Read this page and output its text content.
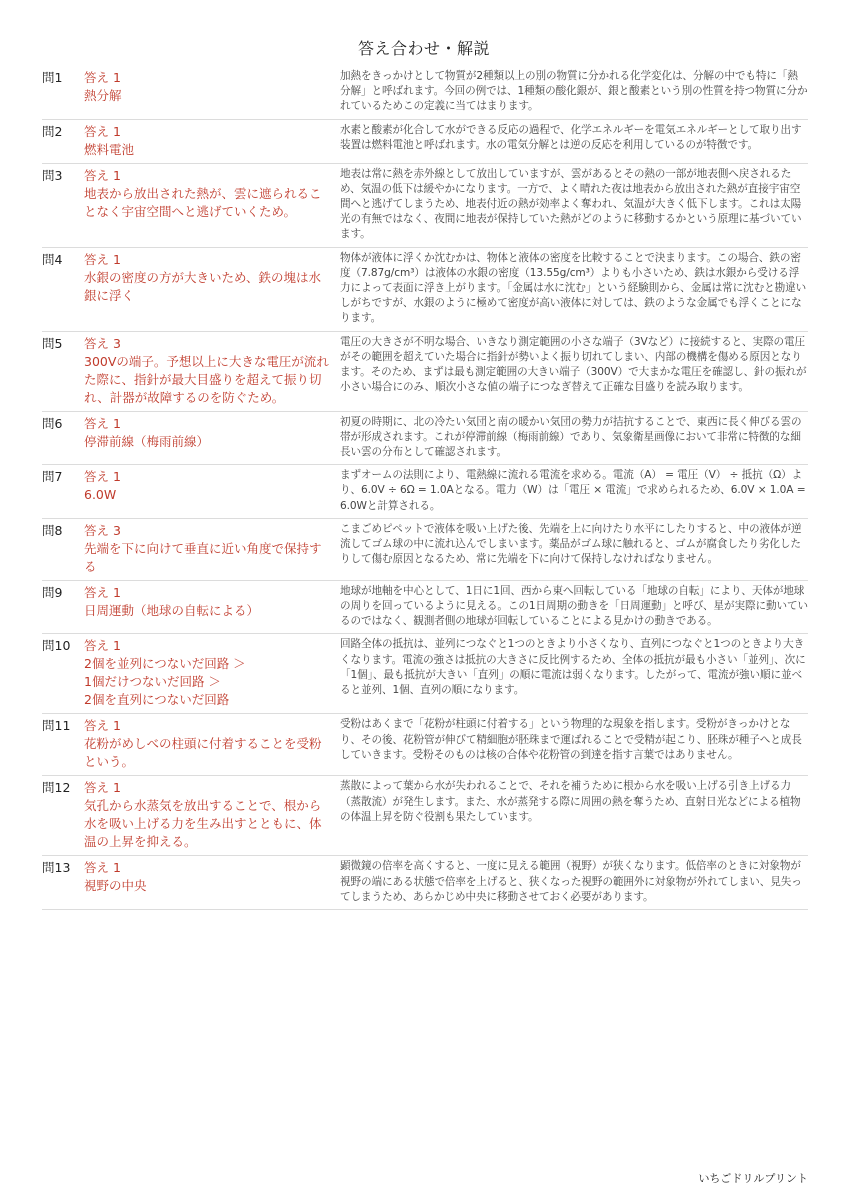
答え合わせ・解説
問1	答え 1
熱分解
加熱をきっかけとして物質が2種類以上の別の物質に分かれる化学変化は、分解の中でも特に「熱分解」と呼ばれます。今回の例では、1種類の酸化銀が、銀と酸素という別の性質を持つ物質に分かれているためこの定義に当てはまります。
問2	答え 1
燃料電池
水素と酸素が化合して水ができる反応の過程で、化学エネルギーを電気エネルギーとして取り出す装置は燃料電池と呼ばれます。水の電気分解とは逆の反応を利用しているのが特徴です。
問3	答え 1
地表から放出された熱が、雲に遮られることなく宇宙空間へと逃げていくため。
地表は常に熱を赤外線として放出していますが、雲があるとその熱の一部が地表側へ戻されるため、気温の低下は緩やかになります。一方で、よく晴れた夜は地表から放出された熱が直接宇宙空間へと逃げてしまうため、地表付近の熱が効率よく奪われ、気温が大きく低下します。これは太陽光の有無ではなく、夜間に地表が保持していた熱がどのように移動するかという原理に基づいています。
問4	答え 1
水銀の密度の方が大きいため、鉄の塊は水銀に浮く
物体が液体に浮くか沈むかは、物体と液体の密度を比較することで決まります。この場合、鉄の密度（7.87g/cm³）は液体の水銀の密度（13.55g/cm³）よりも小さいため、鉄は水銀から受ける浮力によって表面に浮き上がります。「金属は水に沈む」という経験則から、金属は常に沈むと勘違いしがちですが、水銀のように極めて密度が高い液体に対しては、鉄のような金属でも浮くことになります。
問5	答え 3
300Vの端子。予想以上に大きな電圧が流れた際に、指針が最大目盛りを超えて振り切れ、計器が故障するのを防ぐため。
電圧の大きさが不明な場合、いきなり測定範囲の小さな端子（3Vなど）に接続すると、実際の電圧がその範囲を超えていた場合に指針が勢いよく振り切れてしまい、内部の機構を傷める原因となります。そのため、まずは最も測定範囲の大きい端子（300V）で大まかな電圧を確認し、針の振れが小さい場合にのみ、順次小さな値の端子につなぎ替えて正確な目盛りを読み取ります。
問6	答え 1
停滞前線（梅雨前線）
初夏の時期に、北の冷たい気団と南の暖かい気団の勢力が拮抗することで、東西に長く伸びる雲の帯が形成されます。これが停滞前線（梅雨前線）であり、気象衛星画像において非常に特徴的な細長い雲の分布として確認されます。
問7	答え 1
6.0W
まずオームの法則により、電熱線に流れる電流を求める。電流（A） = 電圧（V） ÷ 抵抗（Ω）より、6.0V ÷ 6Ω = 1.0Aとなる。電力（W）は「電圧 × 電流」で求められるため、6.0V × 1.0A = 6.0Wと計算される。
問8	答え 3
先端を下に向けて垂直に近い角度で保持する
こまごめピペットで液体を吸い上げた後、先端を上に向けたり水平にしたりすると、中の液体が逆流してゴム球の中に流れ込んでしまいます。薬品がゴム球に触れると、ゴムが腐食したり劣化したりして傷む原因となるため、常に先端を下に向けて保持しなければなりません。
問9	答え 1
日周運動（地球の自転による）
地球が地軸を中心として、1日に1回、西から東へ回転している「地球の自転」により、天体が地球の周りを回っているように見える。この1日周期の動きを「日周運動」と呼び、星が実際に動いているのではなく、観測者側の地球が回転していることによる見かけの動きである。
問10	答え 1
2個を並列につないだ回路 ＞
1個だけつないだ回路 ＞
2個を直列につないだ回路
回路全体の抵抗は、並列につなぐと1つのときより小さくなり、直列につなぐと1つのときより大きくなります。電流の強さは抵抗の大きさに反比例するため、全体の抵抗が最も小さい「並列」、次に「1個」、最も抵抗が大きい「直列」の順に電流は弱くなります。したがって、電流が強い順に並べると並列、1個、直列の順になります。
問11	答え 1
花粉がめしべの柱頭に付着することを受粉という。
受粉はあくまで「花粉が柱頭に付着する」という物理的な現象を指します。受粉がきっかけとなり、その後、花粉管が伸びて精細胞が胚珠まで運ばれることで受精が起こり、胚珠が種子へと成長していきます。受粉そのものは核の合体や花粉管の到達を指す言葉ではありません。
問12	答え 1
気孔から水蒸気を放出することで、根から水を吸い上げる力を生み出すとともに、体温の上昇を抑える。
蒸散によって葉から水が失われることで、それを補うために根から水を吸い上げる引き上げる力（蒸散流）が発生します。また、水が蒸発する際に周囲の熱を奪うため、直射日光などによる植物の体温上昇を防ぐ役割も果たしています。
問13	答え 1
視野の中央
顕微鏡の倍率を高くすると、一度に見える範囲（視野）が狭くなります。低倍率のときに対象物が視野の端にある状態で倍率を上げると、狭くなった視野の範囲外に対象物が外れてしまい、見失ってしまうため、あらかじめ中央に移動させておく必要があります。
いちごドリルプリント
